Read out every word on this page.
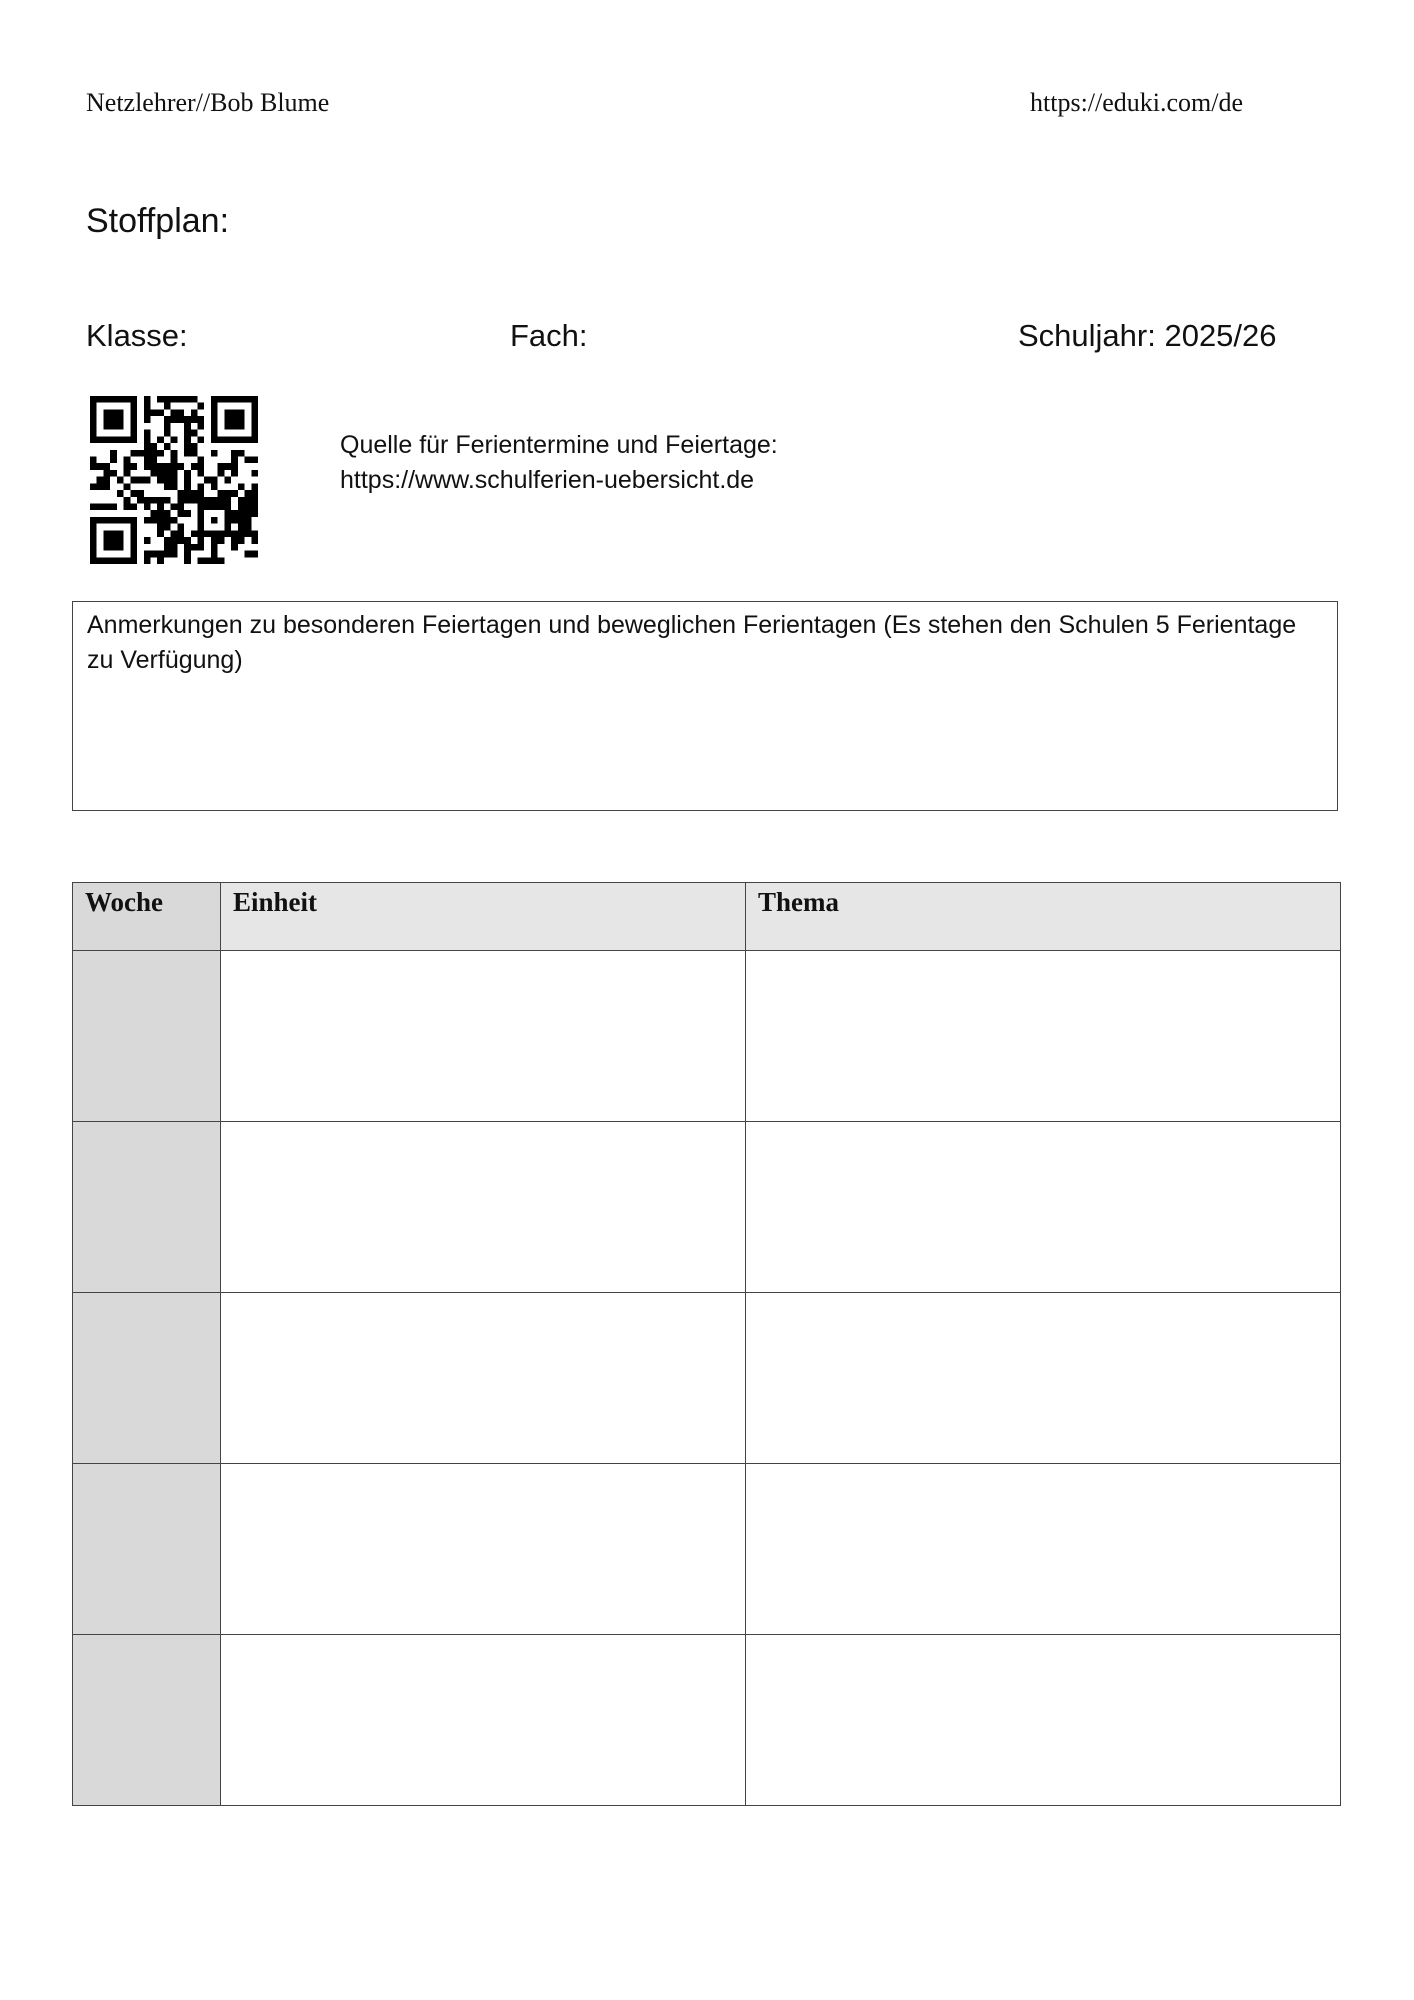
Netzlehrer//Bob Blume	https://eduki.com/de
Stoffplan:
Klasse:	Fach:	Schuljahr: 2025/26
Quelle für Ferientermine und Feiertage:
https://www.schulferien-uebersicht.de
Anmerkungen zu besonderen Feiertagen und beweglichen Ferientagen (Es stehen den Schulen 5 Ferientage zu Verfügung)
Woche	Einheit	Thema
